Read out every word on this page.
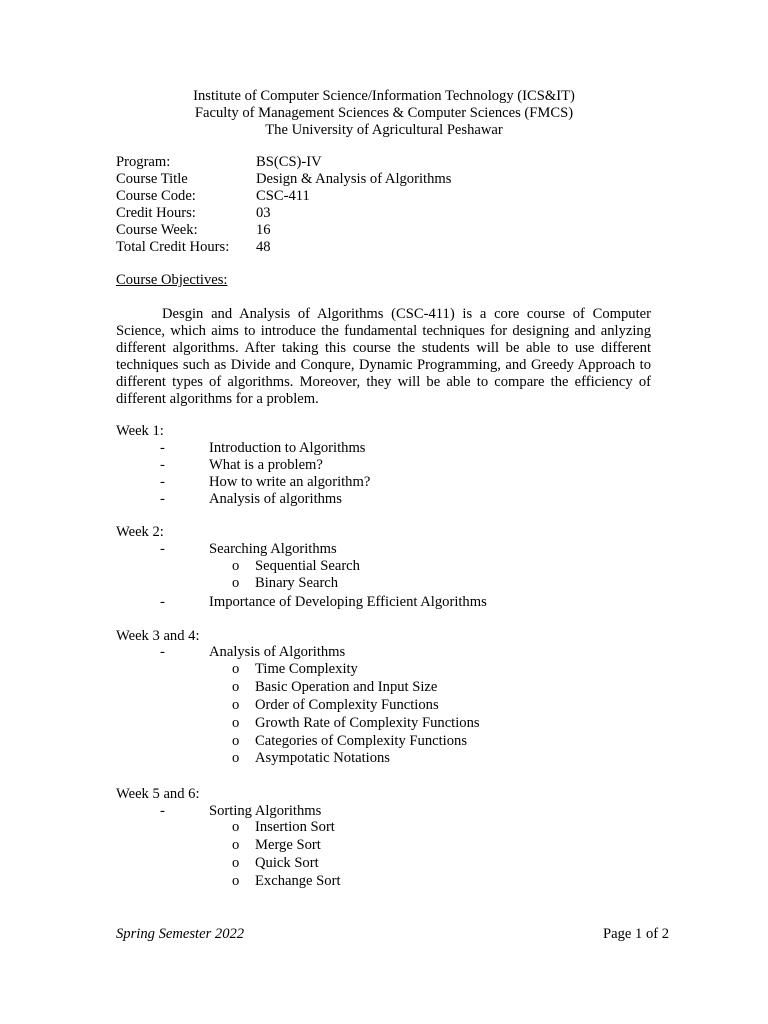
Institute of Computer Science/Information Technology (ICS&IT)
Faculty of Management Sciences & Computer Sciences (FMCS)
The University of Agricultural Peshawar
Program:	BS(CS)-IV
Course Title	Design & Analysis of Algorithms
Course Code:	CSC-411
Credit Hours:	03
Course Week:	16
Total Credit Hours: 48
Course Objectives:
Desgin and Analysis of Algorithms (CSC-411) is a core course of Computer Science, which aims to introduce the fundamental techniques for designing and anlyzing different algorithms. After taking this course the students will be able to use different techniques such as Divide and Conqure, Dynamic Programming, and Greedy Approach to different types of algorithms. Moreover, they will be able to compare the efficiency of different algorithms for a problem.
Week 1:
-	Introduction to Algorithms
-	What is a problem?
-	How to write an algorithm?
-	Analysis of algorithms
Week 2:
-	Searching Algorithms
o Sequential Search
o Binary Search
-	Importance of Developing Efficient Algorithms
Week 3 and 4:
-	Analysis of Algorithms
o Time Complexity
o Basic Operation and Input Size
o Order of Complexity Functions
o Growth Rate of Complexity Functions
o Categories of Complexity Functions
o Asympotatic Notations
Week 5 and 6:
-	Sorting Algorithms
o Insertion Sort
o Merge Sort
o Quick Sort
o Exchange Sort
Spring Semester 2022	Page 1 of 2
